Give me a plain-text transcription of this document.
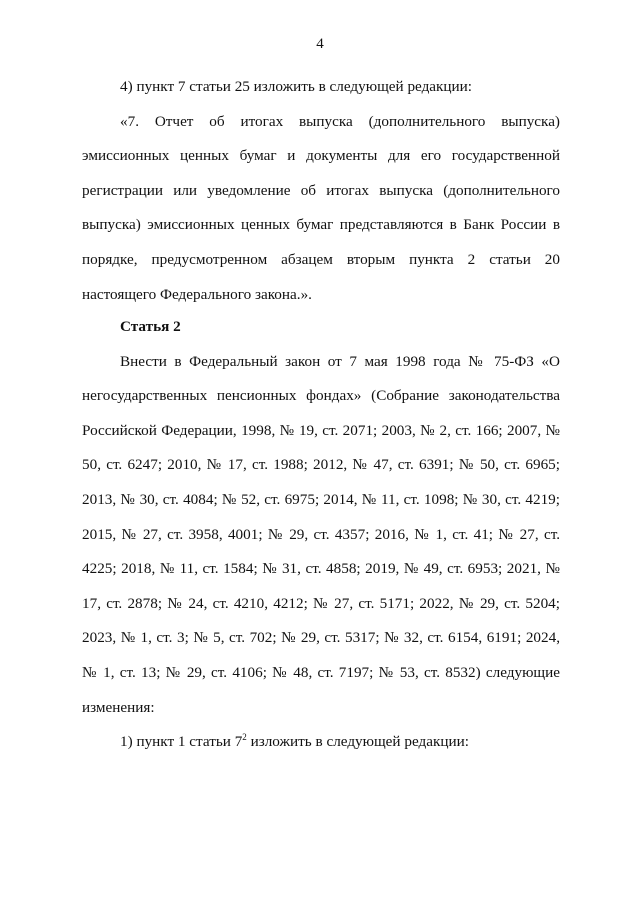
4

4) пункт 7 статьи 25 изложить в следующей редакции:

«7. Отчет об итогах выпуска (дополнительного выпуска) эмиссионных ценных бумаг и документы для его государственной регистрации или уведомление об итогах выпуска (дополнительного выпуска) эмиссионных ценных бумаг представляются в Банк России в порядке, предусмотренном абзацем вторым пункта 2 статьи 20 настоящего Федерального закона.».

Статья 2

Внести в Федеральный закон от 7 мая 1998 года № 75-ФЗ «О негосударственных пенсионных фондах» (Собрание законодательства Российской Федерации, 1998, № 19, ст. 2071; 2003, № 2, ст. 166; 2007, № 50, ст. 6247; 2010, № 17, ст. 1988; 2012, № 47, ст. 6391; № 50, ст. 6965; 2013, № 30, ст. 4084; № 52, ст. 6975; 2014, № 11, ст. 1098; № 30, ст. 4219; 2015, № 27, ст. 3958, 4001; № 29, ст. 4357; 2016, № 1, ст. 41; № 27, ст. 4225; 2018, № 11, ст. 1584; № 31, ст. 4858; 2019, № 49, ст. 6953; 2021, № 17, ст. 2878; № 24, ст. 4210, 4212; № 27, ст. 5171; 2022, № 29, ст. 5204; 2023, № 1, ст. 3; № 5, ст. 702; № 29, ст. 5317; № 32, ст. 6154, 6191; 2024, № 1, ст. 13; № 29, ст. 4106; № 48, ст. 7197; № 53, ст. 8532) следующие изменения:

1) пункт 1 статьи $7^2$ изложить в следующей редакции:
